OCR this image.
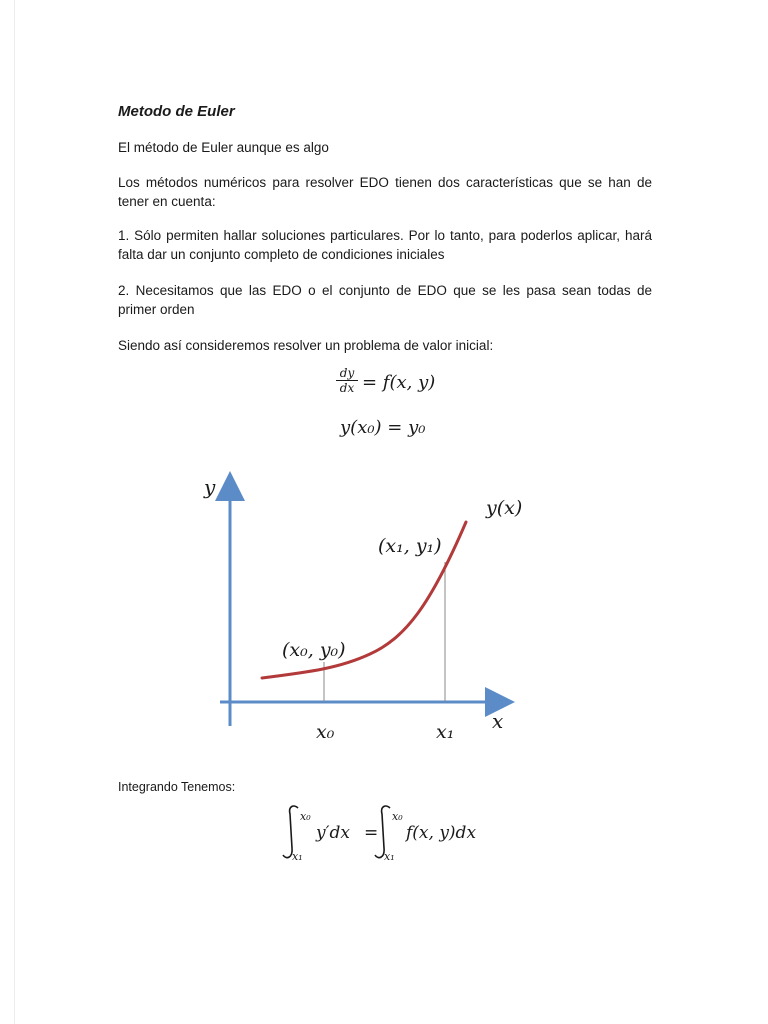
Metodo de Euler
El método de Euler aunque es algo
Los métodos numéricos para resolver EDO tienen dos características que se han de tener en cuenta:
1. Sólo permiten hallar soluciones particulares. Por lo tanto, para poderlos aplicar, hará falta dar un conjunto completo de condiciones iniciales
2. Necesitamos que las EDO o el conjunto de EDO que se les pasa sean todas de primer orden
Siendo así consideremos resolver un problema de valor inicial:
Integrando Tenemos:
$\frac{dy}{dx} = f(x$, y)
y(x₀) = y₀
y
x
y(x)
(x₁, y₁)
(x₀, y₀)
x₀	x₁
x₀
x₁
y′dx =
x₀
x₁
f(x, y)dx
